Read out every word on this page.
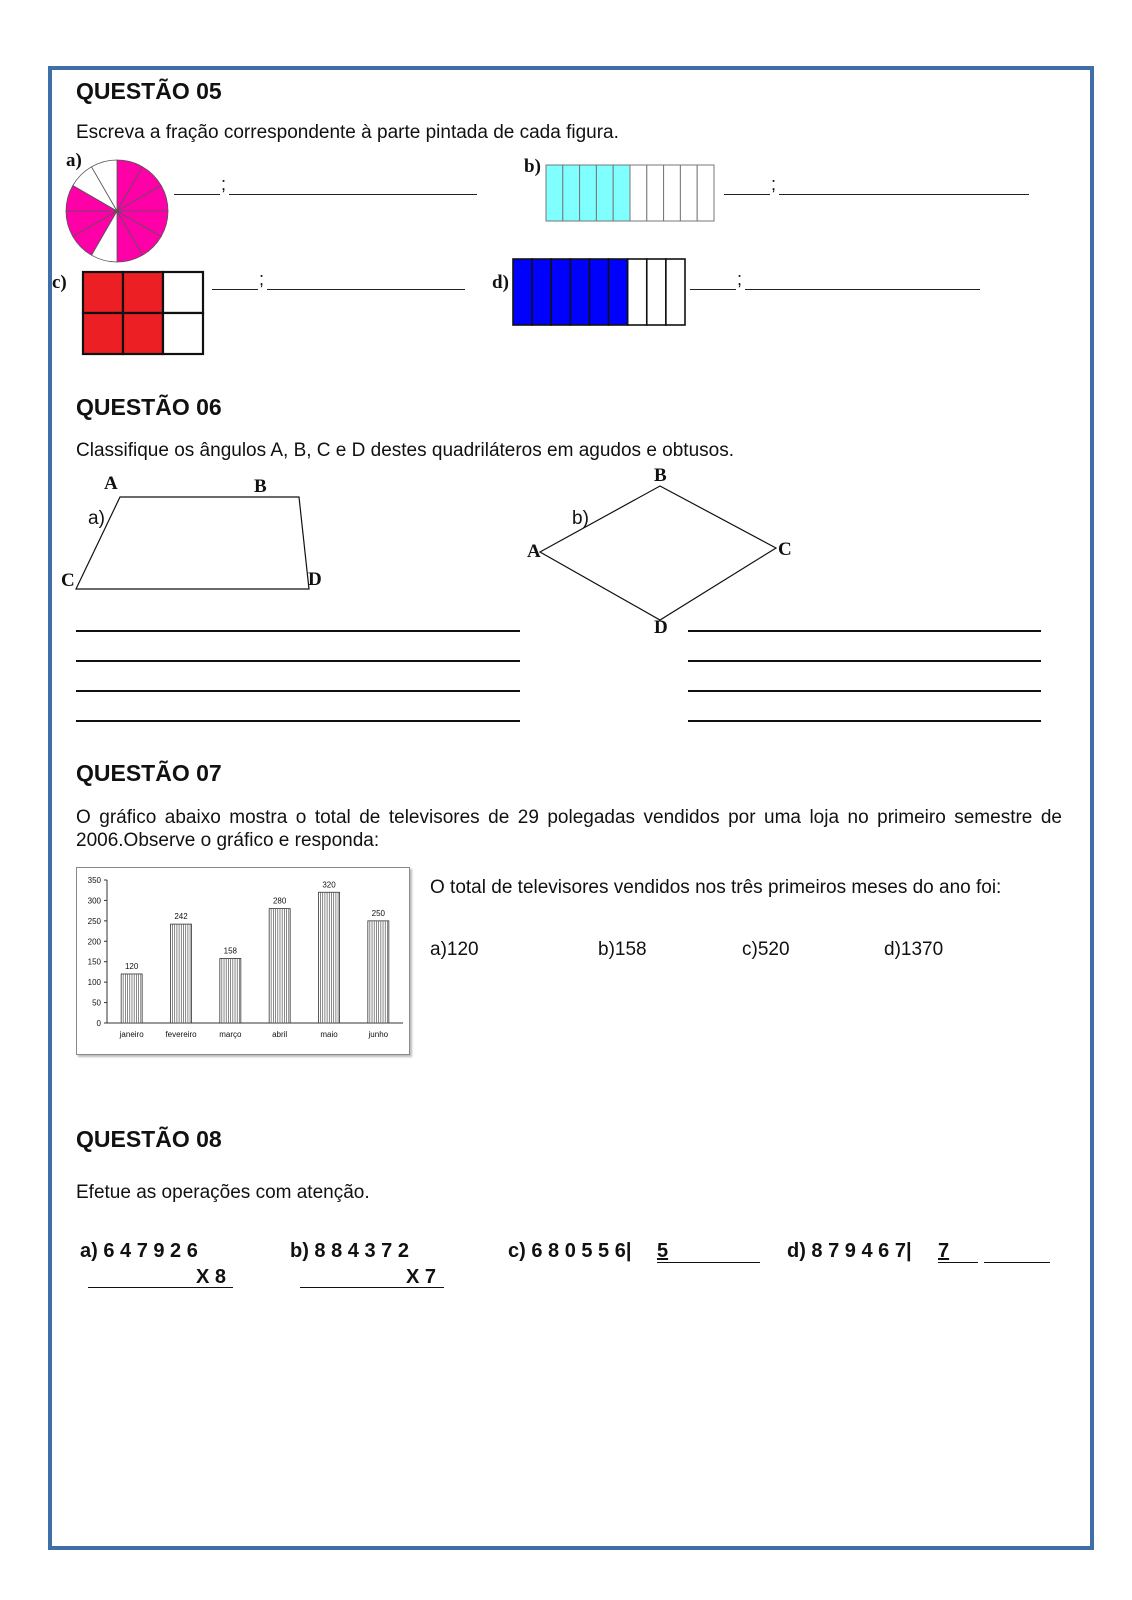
QUESTÃO 05
Escreva a fração correspondente à parte pintada de cada figura.
a)
;
b)
;
c)	;	d)	;
QUESTÃO 06
Classifique os ângulos A, B, C e D destes quadriláteros em agudos e obtusos.
A	B
C	D
a)
B
A	C
D
b)
QUESTÃO 07
O gráfico abaixo mostra o total de televisores de 29 polegadas vendidos por uma loja no primeiro semestre de 2006.Observe o gráfico e responda:
0
50
100
150
200
250
300
350
120
janeiro
242
fevereiro
158
março
280
abril
320
maio
250
junho
O total de televisores vendidos nos três primeiros meses do ano foi:
a)120	b)158	c)520	d)1370
QUESTÃO 08
Efetue as operações com atenção.
a) 6 4 7 9 2 6
X 8
b) 8 8 4 3 7 2
X 7
c) 6 8 0 5 5 6| 5	d) 8 7 9 4 6 7| 7
